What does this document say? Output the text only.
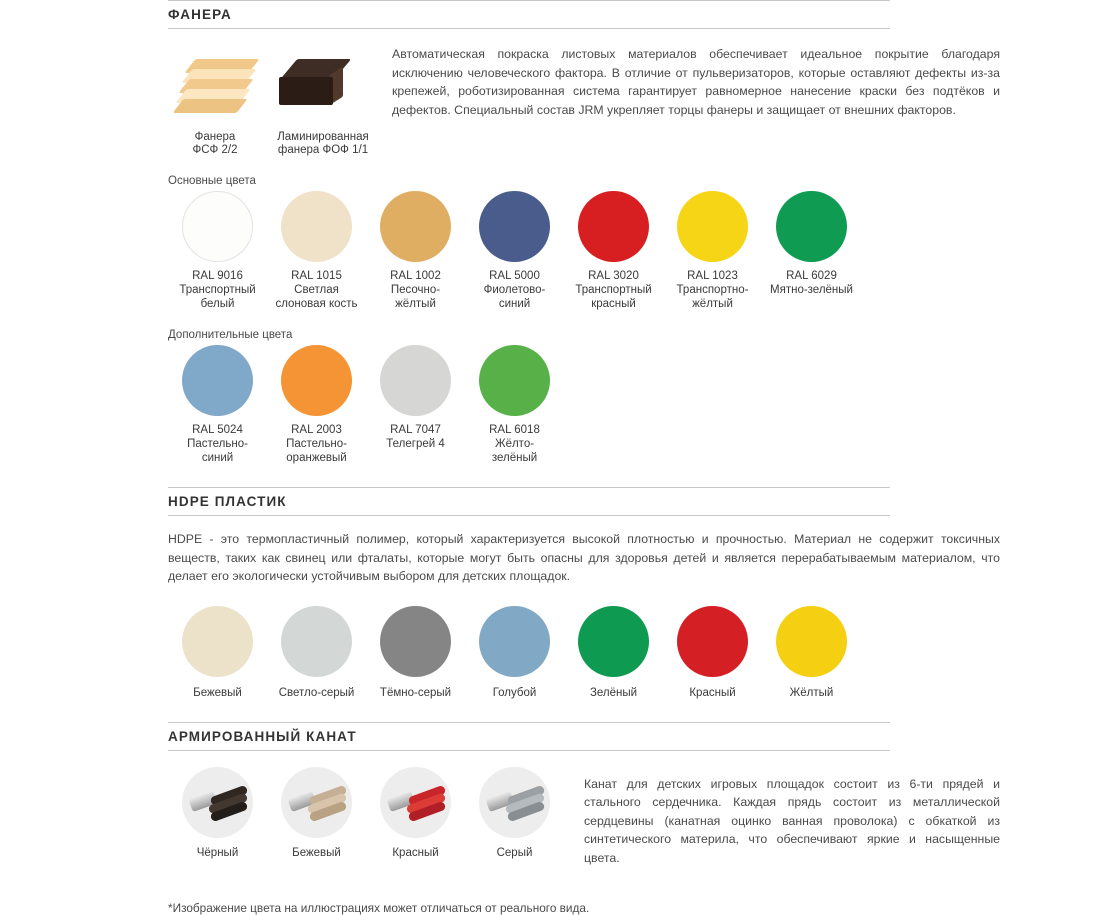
ФАНЕРА
Фанера
ФСФ 2/2
Ламинированная
фанера ФОФ 1/1
Автоматическая покраска листовых материалов обеспечивает идеальное покрытие благодаря исключению человеческого фактора. В отличие от пульверизаторов, которые оставляют дефекты из-за крепежей, роботизированная система гарантирует равномерное нанесение краски без подтёков и дефектов. Специальный состав JRM укрепляет торцы фанеры и защищает от внешних факторов.
Основные цвета
RAL 9016
Транспортный
белый
RAL 1015
Светлая
слоновая кость
RAL 1002
Песочно-
жёлтый
RAL 5000
Фиолетово-
синий
RAL 3020
Транспортный
красный
RAL 1023
Транспортно-
жёлтый
RAL 6029
Мятно-зелёный
Дополнительные цвета
RAL 5024
Пастельно-
синий
RAL 2003
Пастельно-
оранжевый
RAL 7047
Телегрей 4
RAL 6018
Жёлто-
зелёный
HDPE ПЛАСТИК
HDPE - это термопластичный полимер, который характеризуется высокой плотностью и прочностью. Материал не содержит токсичных веществ, таких как свинец или фталаты, которые могут быть опасны для здоровья детей и является перерабатываемым материалом, что делает его экологически устойчивым выбором для детских площадок.
Бежевый	Светло-серый	Тёмно-серый	Голубой	Зелёный	Красный	Жёлтый
АРМИРОВАННЫЙ КАНАТ
Чёрный	Бежевый	Красный	Серый
Канат для детских игровых площадок состоит из 6-ти прядей и стального сердечника. Каждая прядь состоит из металлической сердцевины (канатная оцинко ванная проволока) с обкаткой из синтетического материла, что обеспечивают яркие и насыщенные цвета.
*Изображение цвета на иллюстрациях может отличаться от реального вида.
